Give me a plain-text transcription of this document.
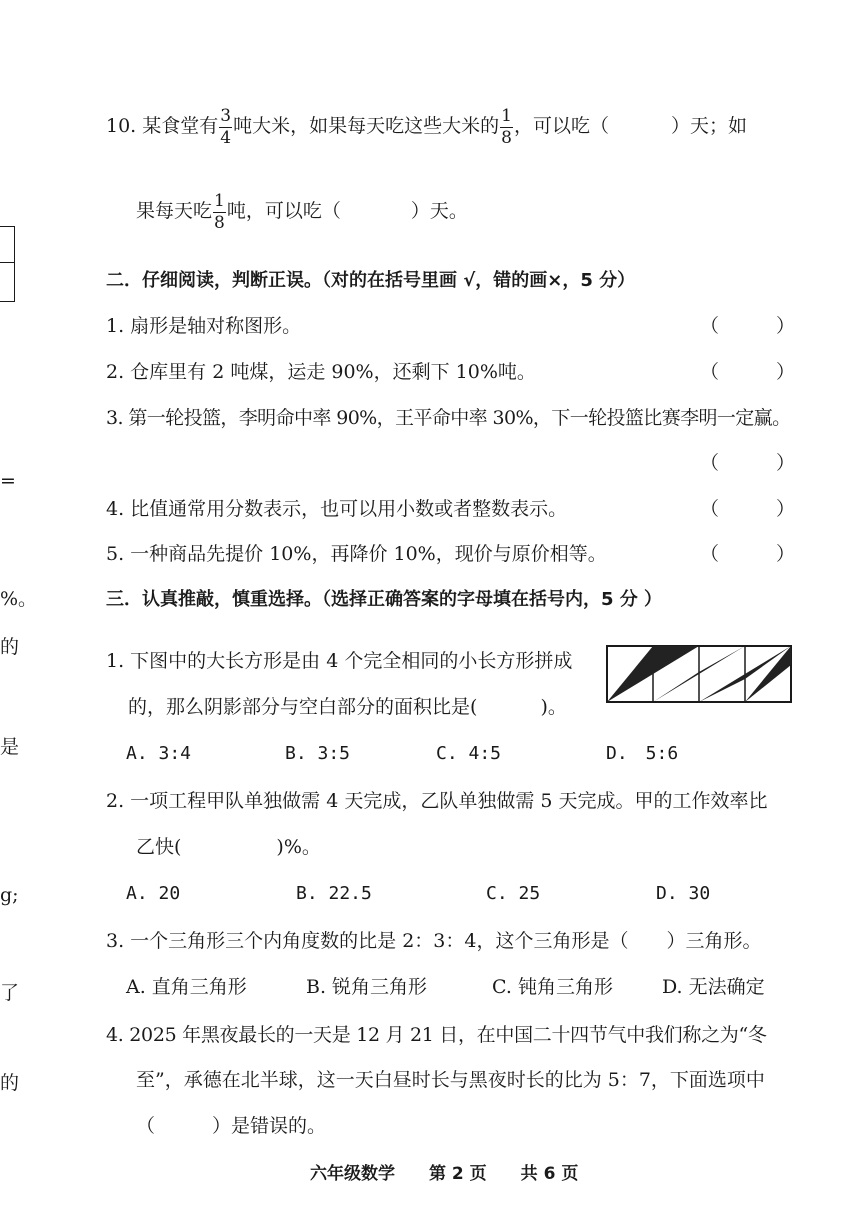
=
%。
的
是
g;
了
的
10. 某食堂有 $\frac{3}{4}$ 吨大米，如果每天吃这些大米的 $\frac{1}{8}$ ，可以吃（	）天；如
果每天吃 $\frac{1}{8}$ 吨，可以吃（	）天。
二．仔细阅读，判断正误。（对的在括号里画 √，错的画×，5 分）
1. 扇形是轴对称图形。	（　　　）
2. 仓库里有 2 吨煤，运走 90%，还剩下 10%吨。	（　　　）
3. 第一轮投篮，李明命中率 90%，王平命中率 30%，下一轮投篮比赛李明一定赢。
（　　　）
4. 比值通常用分数表示，也可以用小数或者整数表示。	（　　　）
5. 一种商品先提价 10%，再降价 10%，现价与原价相等。	（　　　）
三．认真推敲，慎重选择。（选择正确答案的字母填在括号内，5 分 ）
1. 下图中的大长方形是由 4 个完全相同的小长方形拼成
的，那么阴影部分与空白部分的面积比是(　　　 )。
A. 3:4	B. 3:5	C. 4:5	D.　5:6
2. 一项工程甲队单独做需 4 天完成，乙队单独做需 5 天完成。甲的工作效率比
乙快(　　　　　)%。
A. 20	B. 22.5	C. 25	D. 30
3. 一个三角形三个内角度数的比是 2：3：4，这个三角形是（　　）三角形。
A. 直角三角形	B. 锐角三角形	C. 钝角三角形	D. 无法确定
4. 2025 年黑夜最长的一天是 12 月 21 日，在中国二十四节气中我们称之为“冬
至”，承德在北半球，这一天白昼时长与黑夜时长的比为 5：7，下面选项中
（　　　）是错误的。
六年级数学　　第 2 页　　共 6 页
